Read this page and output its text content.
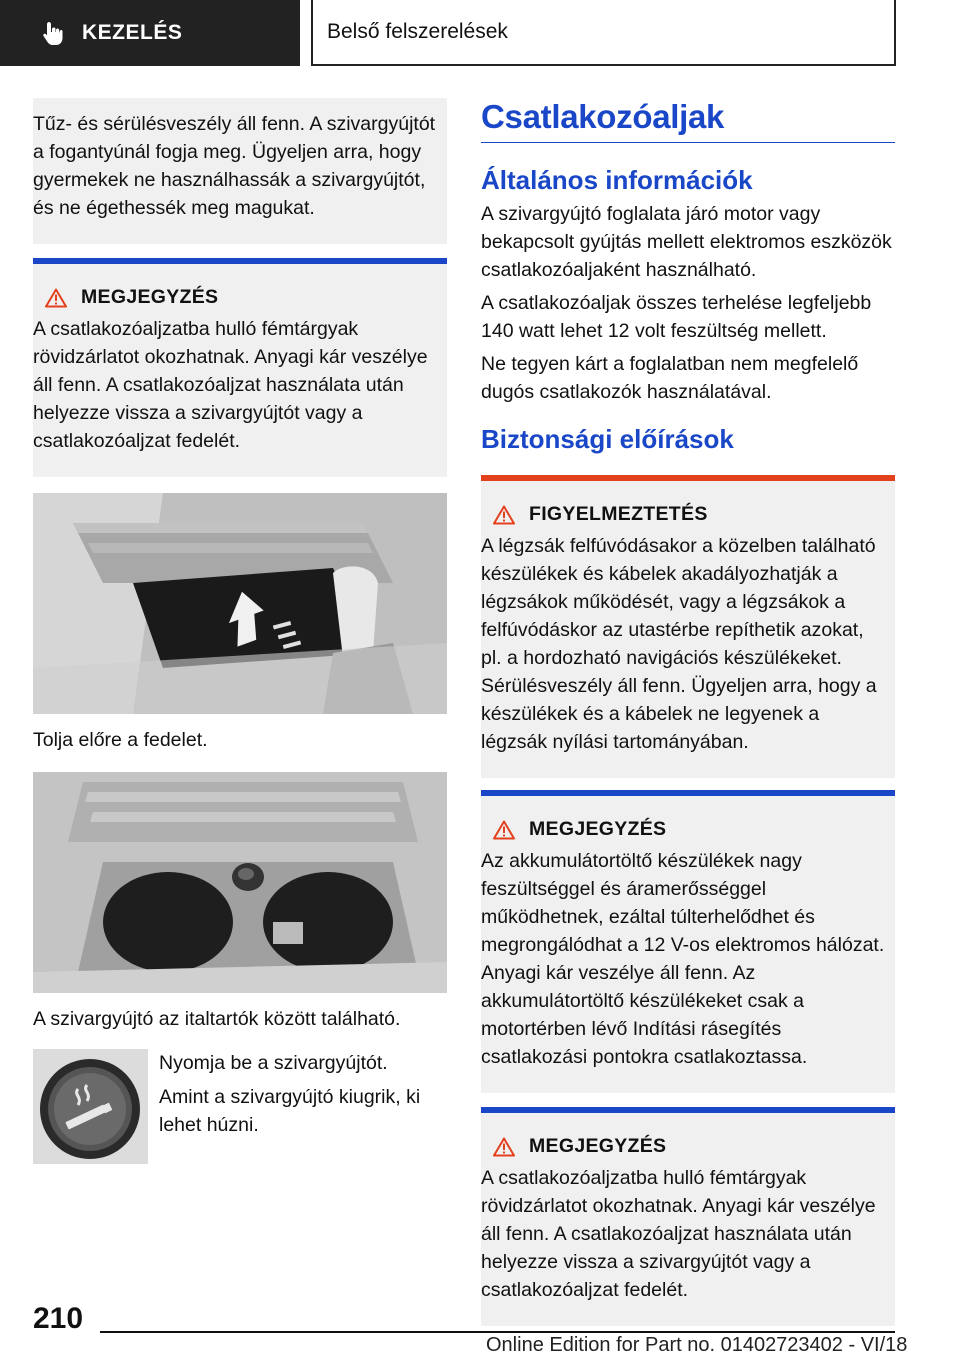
KEZELÉS	Belső felszerelések

Tűz- és sérülésveszély áll fenn. A szivargyújtót a fogantyúnál fogja meg. Ügyeljen arra, hogy gyermekek ne használhassák a szivargyújtót, és ne égethessék meg magukat.

MEGJEGYZÉS

A csatlakozóaljzatba hulló fémtárgyak rövidzárlatot okozhatnak. Anyagi kár veszélye áll fenn. A csatlakozóaljzat használata után helyezze vissza a szivargyújtót vagy a csatlakozóaljzat fedelét.

Tolja előre a fedelet.

A szivargyújtó az italtartók között található.

Nyomja be a szivargyújtót.

Amint a szivargyújtó kiugrik, ki lehet húzni.

Csatlakozóaljak
Általános információk

A szivargyújtó foglalata járó motor vagy bekapcsolt gyújtás mellett elektromos eszközök csatlakozóaljaként használható.

A csatlakozóaljak összes terhelése legfeljebb 140 watt lehet 12 volt feszültség mellett.

Ne tegyen kárt a foglalatban nem megfelelő dugós csatlakozók használatával.

Biztonsági előírások
FIGYELMEZTETÉS

A légzsák felfúvódásakor a közelben található készülékek és kábelek akadályozhatják a légzsákok működését, vagy a légzsákok a felfúvódáskor az utastérbe repíthetik azokat, pl. a hordozható navigációs készülékeket.

Sérülésveszély áll fenn. Ügyeljen arra, hogy a készülékek és a kábelek ne legyenek a légzsák nyílási tartományában.

MEGJEGYZÉS

Az akkumulátortöltő készülékek nagy feszültséggel és áramerősséggel működhetnek, ezáltal túlterhelődhet és megrongálódhat a 12 V-os elektromos hálózat. Anyagi kár veszélye áll fenn. Az akkumulátortöltő készülékeket csak a motortérben lévő Indítási rásegítés csatlakozási pontokra csatlakoztassa.

MEGJEGYZÉS

A csatlakozóaljzatba hulló fémtárgyak rövidzárlatot okozhatnak. Anyagi kár veszélye áll fenn. A csatlakozóaljzat használata után helyezze vissza a szivargyújtót vagy a csatlakozóaljzat fedelét.

210
Online Edition for Part no. 01402723402 - VI/18
